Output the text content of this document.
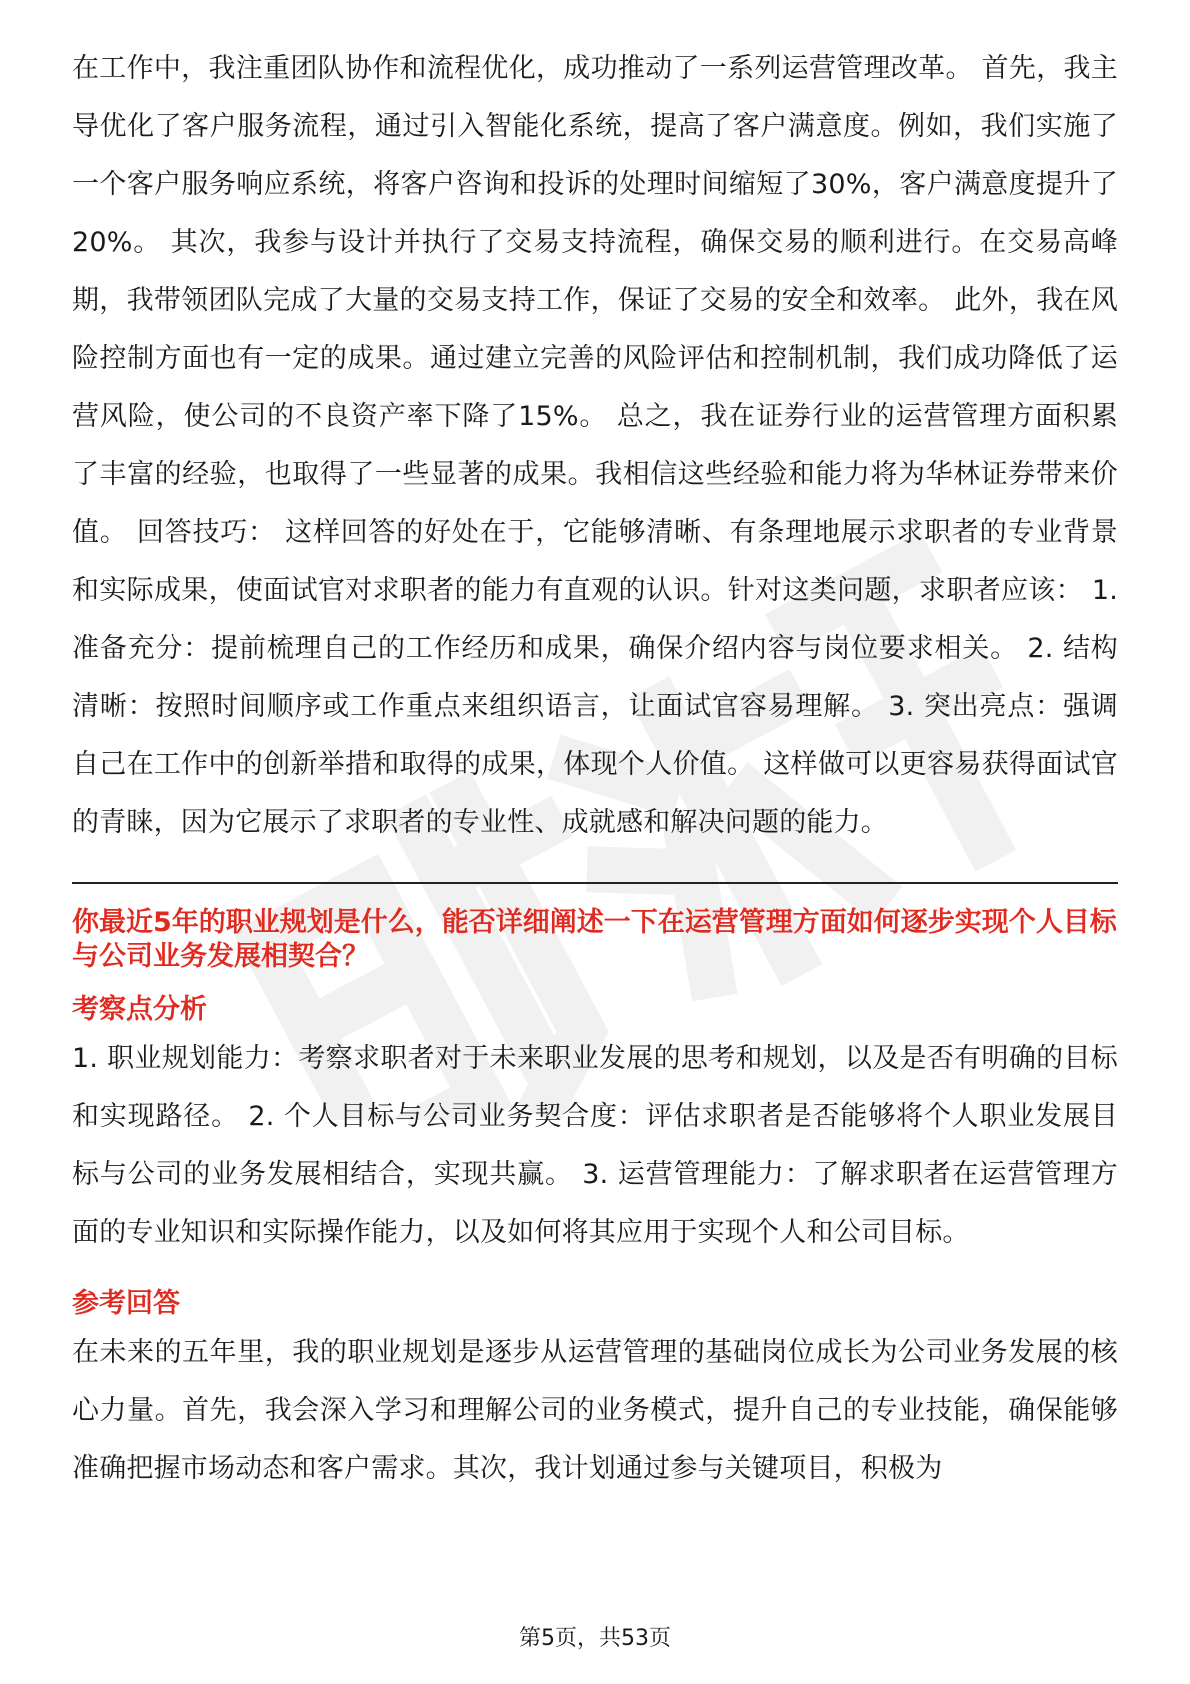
在工作中，我注重团队协作和流程优化，成功推动了一系列运营管理改革。 首先，我主导优化了客户服务流程，通过引入智能化系统，提高了客户满意度。例如，我们实施了一个客户服务响应系统，将客户咨询和投诉的处理时间缩短了30%，客户满意度提升了20%。 其次，我参与设计并执行了交易支持流程，确保交易的顺利进行。在交易高峰期，我带领团队完成了大量的交易支持工作，保证了交易的安全和效率。 此外，我在风险控制方面也有一定的成果。通过建立完善的风险评估和控制机制，我们成功降低了运营风险，使公司的不良资产率下降了15%。 总之，我在证券行业的运营管理方面积累了丰富的经验，也取得了一些显著的成果。我相信这些经验和能力将为华林证券带来价值。 回答技巧： 这样回答的好处在于，它能够清晰、有条理地展示求职者的专业背景和实际成果，使面试官对求职者的能力有直观的认识。针对这类问题，求职者应该： 1. 准备充分：提前梳理自己的工作经历和成果，确保介绍内容与岗位要求相关。 2. 结构清晰：按照时间顺序或工作重点来组织语言，让面试官容易理解。 3. 突出亮点：强调自己在工作中的创新举措和取得的成果，体现个人价值。 这样做可以更容易获得面试官的青睐，因为它展示了求职者的专业性、成就感和解决问题的能力。

你最近5年的职业规划是什么，能否详细阐述一下在运营管理方面如何逐步实现个人目标与公司业务发展相契合？

考察点分析

1. 职业规划能力：考察求职者对于未来职业发展的思考和规划，以及是否有明确的目标和实现路径。 2. 个人目标与公司业务契合度：评估求职者是否能够将个人职业发展目标与公司的业务发展相结合，实现共赢。 3. 运营管理能力：了解求职者在运营管理方面的专业知识和实际操作能力，以及如何将其应用于实现个人和公司目标。

参考回答

在未来的五年里，我的职业规划是逐步从运营管理的基础岗位成长为公司业务发展的核心力量。首先，我会深入学习和理解公司的业务模式，提升自己的专业技能，确保能够准确把握市场动态和客户需求。其次，我计划通过参与关键项目，积极为

第5页，共53页
